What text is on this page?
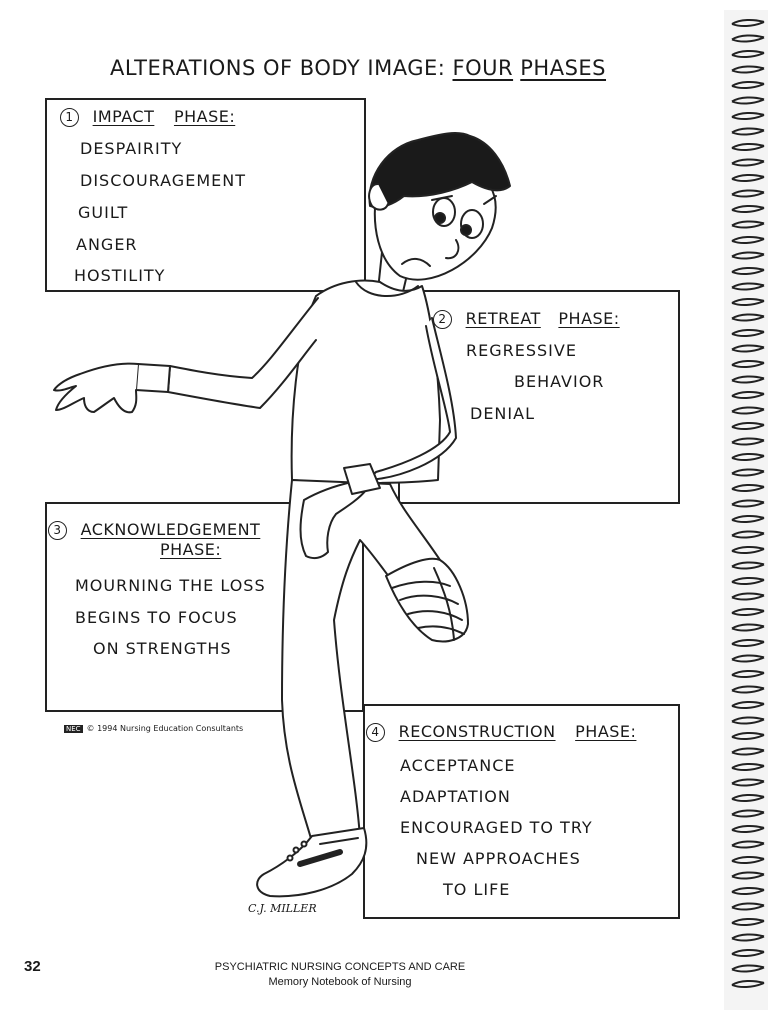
ALTERATIONS OF BODY IMAGE: FOUR PHASES
1 IMPACT PHASE:
DESPAIRITY
DISCOURAGEMENT
GUILT
ANGER
HOSTILITY
2 RETREAT PHASE:
REGRESSIVE
BEHAVIOR
DENIAL
3 ACKNOWLEDGEMENT
PHASE:
MOURNING THE LOSS
BEGINS TO FOCUS
ON STRENGTHS
4 RECONSTRUCTION PHASE:
ACCEPTANCE
ADAPTATION
ENCOURAGED TO TRY
NEW APPROACHES
TO LIFE
NEC © 1994 Nursing Education Consultants
C.J. MILLER
32	PSYCHIATRIC NURSING CONCEPTS AND CARE
Memory Notebook of Nursing
